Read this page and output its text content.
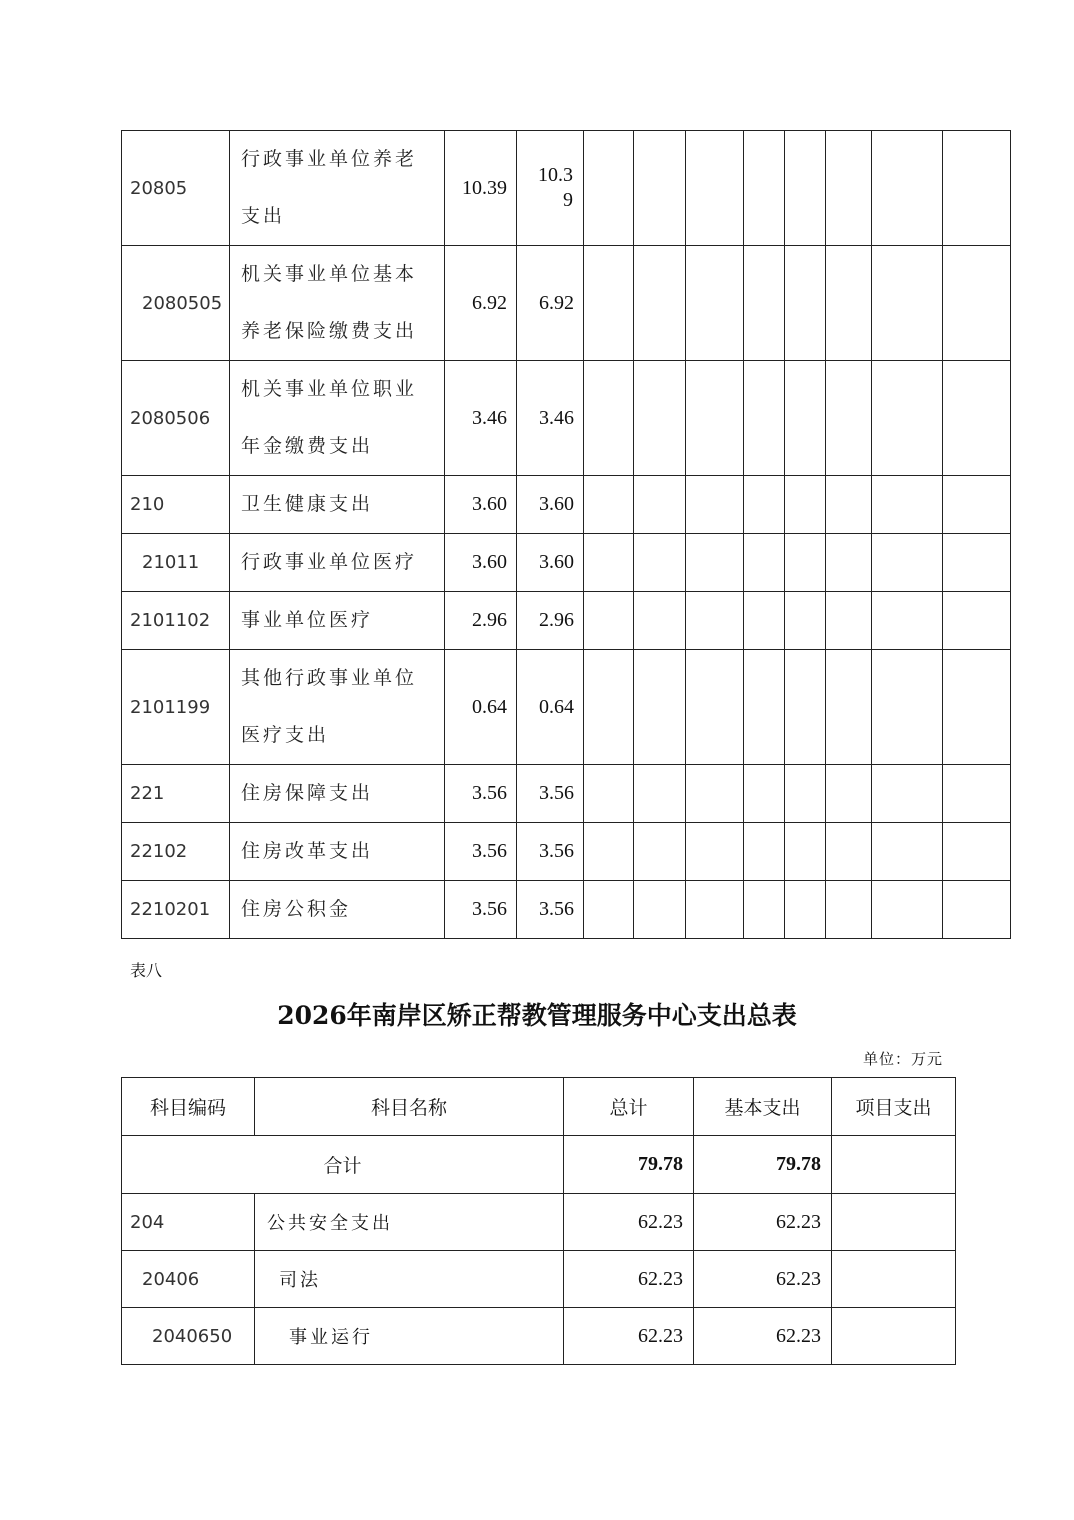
20805	行政事业单位养老支出	10.39	10.39								
2080505	机关事业单位基本养老保险缴费支出	6.92	6.92								
2080506	机关事业单位职业年金缴费支出	3.46	3.46								
210	卫生健康支出	3.60	3.60								
21011	行政事业单位医疗	3.60	3.60								
2101102	事业单位医疗	2.96	2.96								
2101199	其他行政事业单位医疗支出	0.64	0.64								
221	住房保障支出	3.56	3.56								
22102	住房改革支出	3.56	3.56								
2210201	住房公积金	3.56	3.56								

表八

2026年南岸区矫正帮教管理服务中心支出总表

单位：万元

科目编码	科目名称	总计	基本支出	项目支出
合计		79.78	79.78	
204	公共安全支出	62.23	62.23	
20406	司法	62.23	62.23	
2040650	事业运行	62.23	62.23	
